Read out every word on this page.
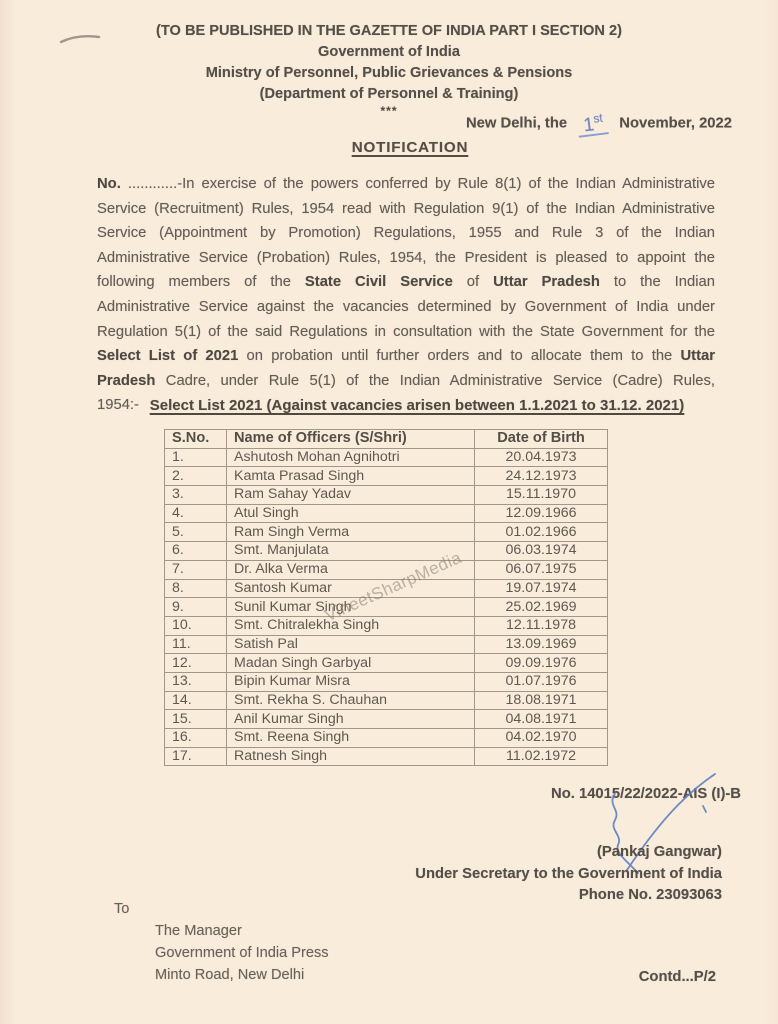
(TO BE PUBLISHED IN THE GAZETTE OF INDIA PART I SECTION 2)
Government of India
Ministry of Personnel, Public Grievances & Pensions
(Department of Personnel & Training)
***
New Delhi, the 1st November, 2022
NOTIFICATION
No. ............-In exercise of the powers conferred by Rule 8(1) of the Indian Administrative Service (Recruitment) Rules, 1954 read with Regulation 9(1) of the Indian Administrative Service (Appointment by Promotion) Regulations, 1955 and Rule 3 of the Indian Administrative Service (Probation) Rules, 1954, the President is pleased to appoint the following members of the State Civil Service of Uttar Pradesh to the Indian Administrative Service against the vacancies determined by Government of India under Regulation 5(1) of the said Regulations in consultation with the State Government for the Select List of 2021 on probation until further orders and to allocate them to the Uttar Pradesh Cadre, under Rule 5(1) of the Indian Administrative Service (Cadre) Rules, 1954:- Select List 2021 (Against vacancies arisen between 1.1.2021 to 31.12. 2021)
S.No.	Name of Officers (S/Shri)	Date of Birth
1.	Ashutosh Mohan Agnihotri	20.04.1973
2.	Kamta Prasad Singh	24.12.1973
3.	Ram Sahay Yadav	15.11.1970
4.	Atul Singh	12.09.1966
5.	Ram Singh Verma	01.02.1966
6.	Smt. Manjulata	06.03.1974
7.	Dr. Alka Verma	06.07.1975
8.	Santosh Kumar	19.07.1974
9.	Sunil Kumar Singh	25.02.1969
10.	Smt. Chitralekha Singh	12.11.1978
11.	Satish Pal	13.09.1969
12.	Madan Singh Garbyal	09.09.1976
13.	Bipin Kumar Misra	01.07.1976
14.	Smt. Rekha S. Chauhan	18.08.1971
15.	Anil Kumar Singh	04.08.1971
16.	Smt. Reena Singh	04.02.1970
17.	Ratnesh Singh	11.02.1972
VineetSharpMedia
No. 14015/22/2022-AIS (I)-B
(Pankaj Gangwar)
Under Secretary to the Government of India
Phone No. 23093063
To
The Manager
Government of India Press
Minto Road, New Delhi	Contd...P/2
